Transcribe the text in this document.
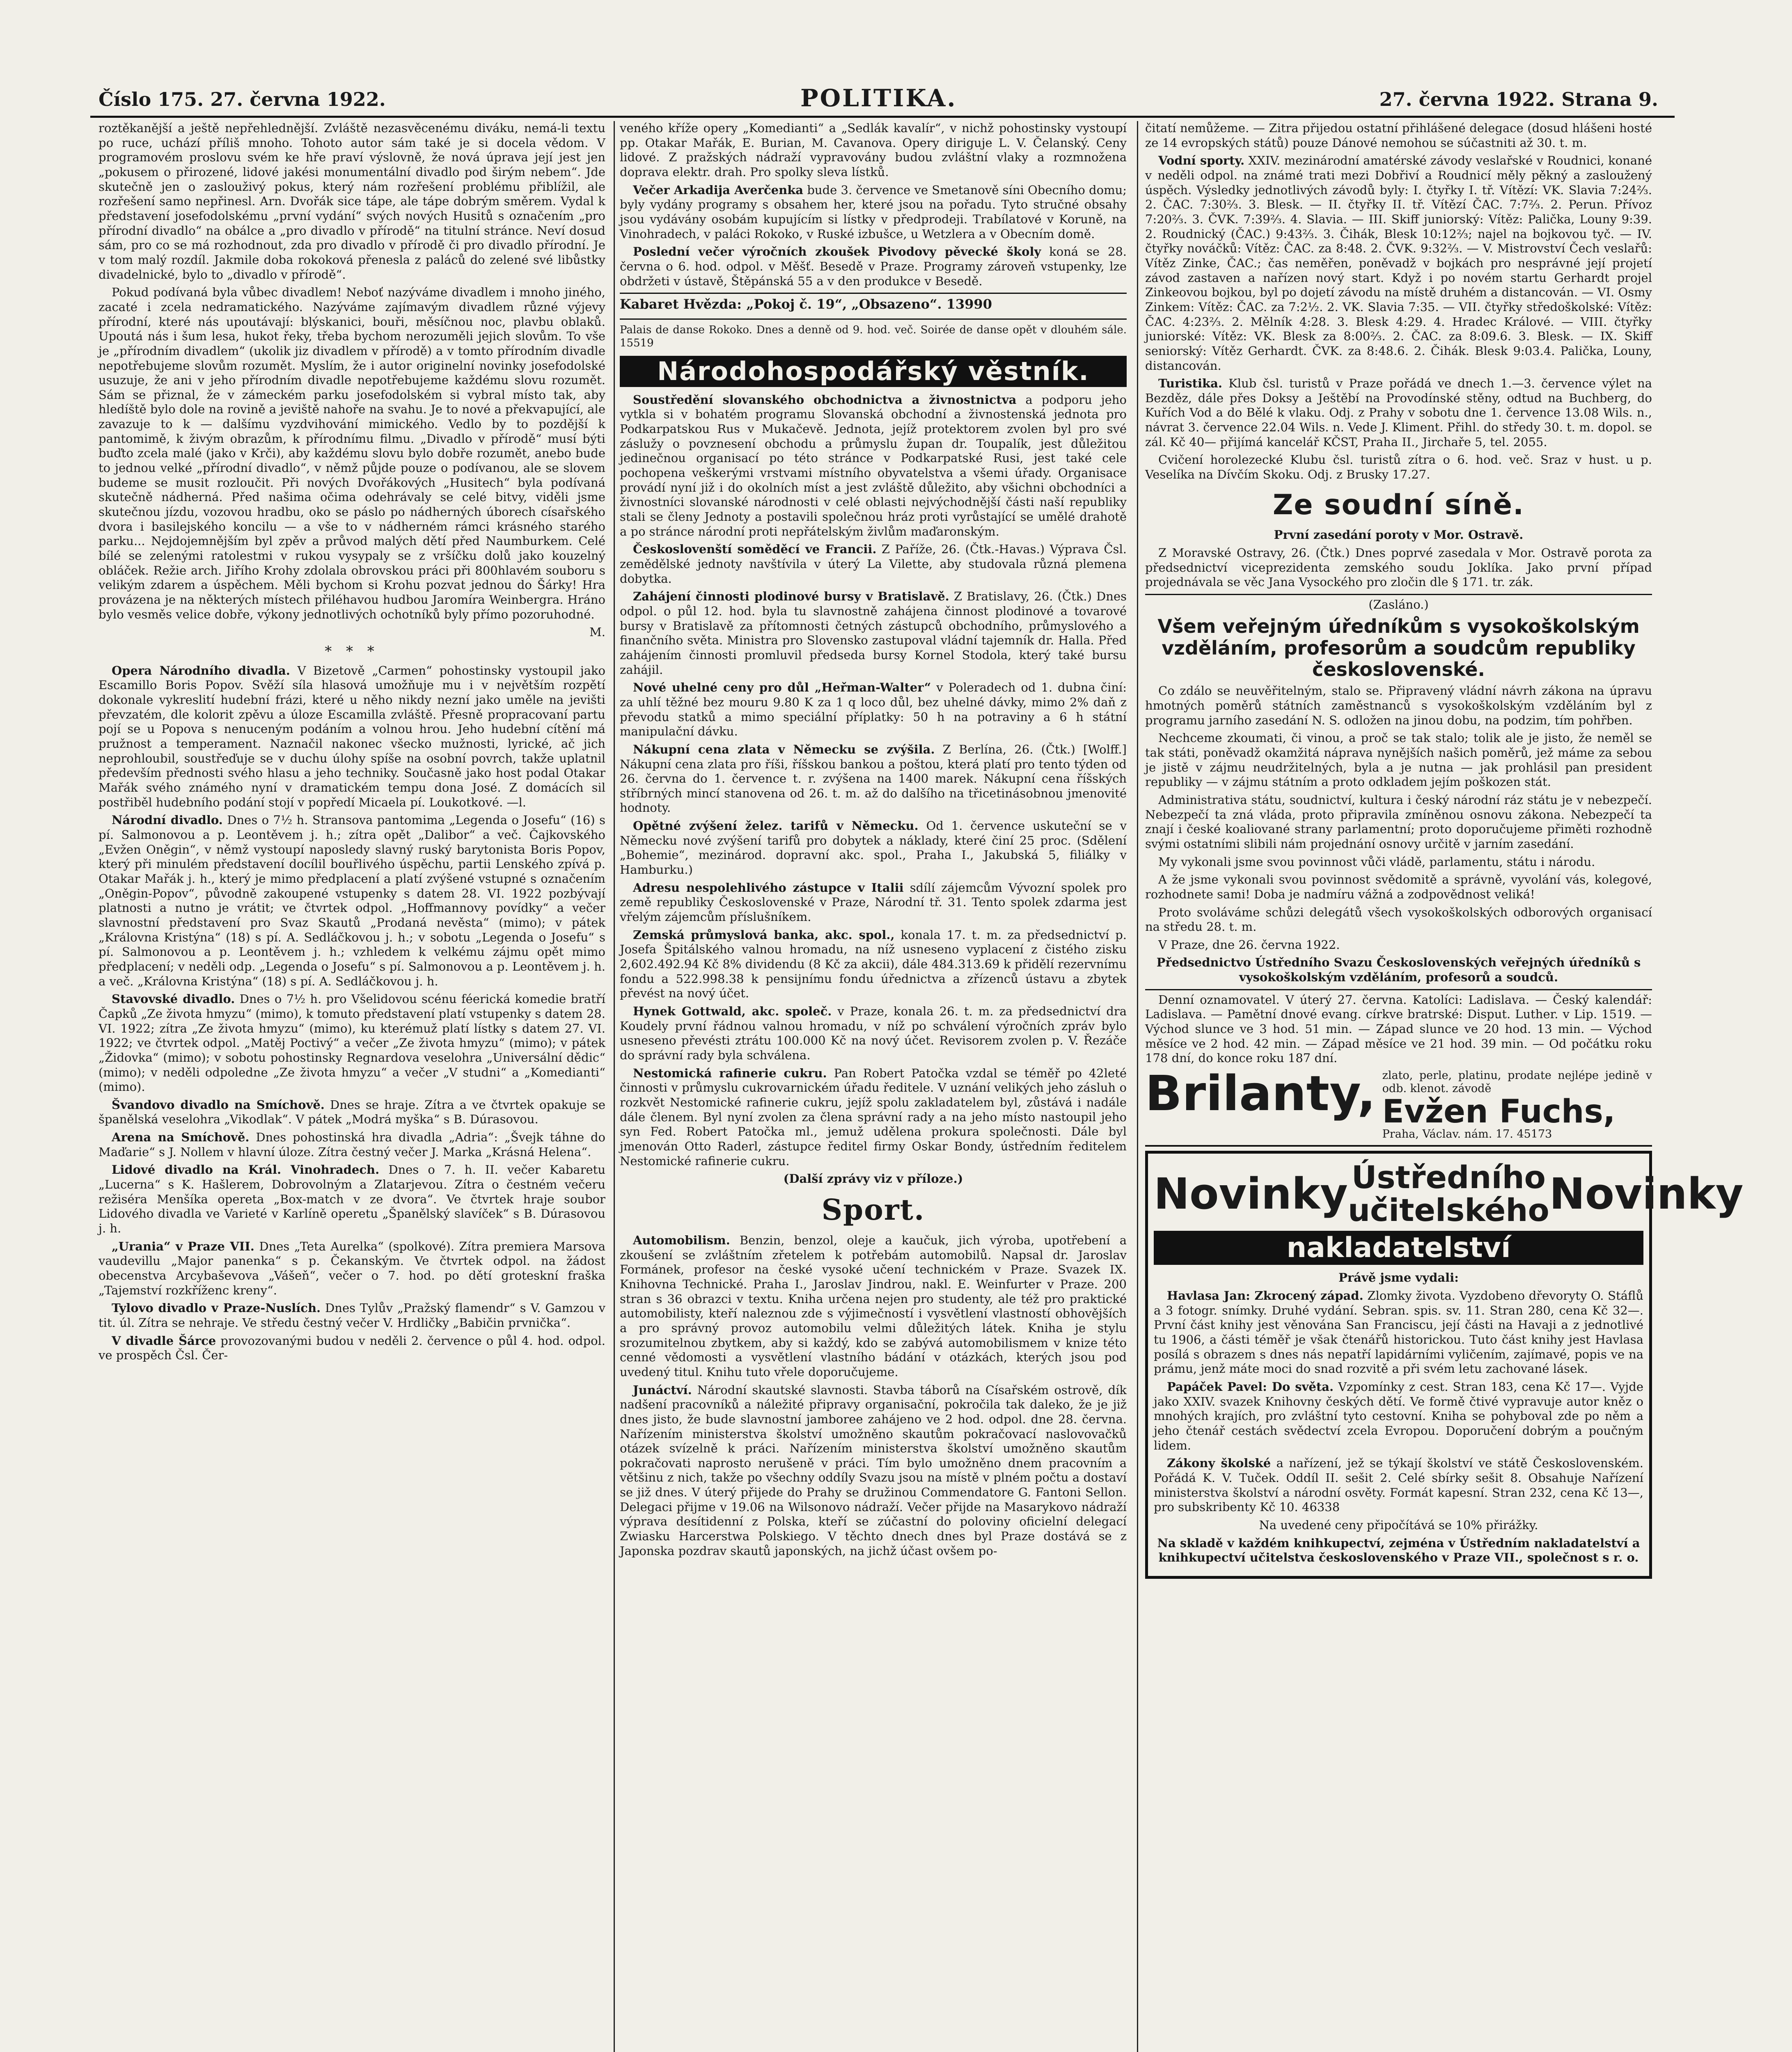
Číslo 175. 27. června 1922.	POLITIKA.	27. června 1922. Strana 9.

roztěkanější a ještě nepřehlednější. Zvláště nezasvěcenému diváku, nemá-li textu po ruce, uchází příliš mnoho. Tohoto autor sám také je si docela vědom. V programovém proslovu svém ke hře praví výslovně, že nová úprava její jest jen „pokusem o přirozené, lidové jakési monumentální divadlo pod širým nebem“. Jde skutečně jen o zaslouživý pokus, který nám rozřešení problému přiblížil, ale rozřešení samo nepřinesl. Arn. Dvořák sice tápe, ale tápe dobrým směrem. Vydal k představení josefodolskému „první vydání“ svých nových Husitů s označením „pro přírodní divadlo“ na obálce a „pro divadlo v přírodě“ na titulní stránce. Neví dosud sám, pro co se má rozhodnout, zda pro divadlo v přírodě či pro divadlo přírodní. Je v tom malý rozdíl. Jakmile doba rokoková přenesla z paláců do zelené své libůstky divadelnické, bylo to „divadlo v přírodě“.

Pokud podívaná byla vůbec divadlem! Neboť nazýváme divadlem i mnoho jiného, zacaté i zcela nedramatického. Nazýváme zajímavým divadlem různé výjevy přírodní, které nás upoutávají: blýskanici, bouři, měsíčnou noc, plavbu oblaků. Upoutá nás i šum lesa, hukot řeky, třeba bychom nerozuměli jejich slovům. To vše je „přírodním divadlem“ (ukolik jiz divadlem v přírodě) a v tomto přírodním divadle nepotřebujeme slovům rozumět. Myslím, že i autor originelní novinky josefodolské usuzuje, že ani v jeho přírodním divadle nepotřebujeme každému slovu rozumět. Sám se přiznal, že v zámeckém parku josefodolském si vybral místo tak, aby hledíště bylo dole na rovině a jeviště nahoře na svahu. Je to nové a překvapující, ale zavazuje to k — dalšímu vyzdvihování mimického. Vedlo by to pozdější k pantomimě, k živým obrazům, k přírodnímu filmu. „Divadlo v přírodě“ musí býti buďto zcela malé (jako v Krči), aby každému slovu bylo dobře rozumět, anebo bude to jednou velké „přírodní divadlo“, v němž půjde pouze o podívanou, ale se slovem budeme se musit rozloučit. Při nových Dvořákových „Husitech“ byla podívaná skutečně nádherná. Před našima očima odehrávaly se celé bitvy, viděli jsme skutečnou jízdu, vozovou hradbu, oko se páslo po nádherných úborech císařského dvora i basilejského koncilu — a vše to v nádherném rámci krásného starého parku... Nejdojemnějším byl zpěv a průvod malých dětí před Naumburkem. Celé bílé se zelenými ratolestmi v rukou vysypaly se z vršíčku dolů jako kouzelný obláček. Režie arch. Jiřího Krohy zdolala obrovskou práci při 800hlavém souboru s velikým zdarem a úspěchem. Měli bychom si Krohu pozvat jednou do Šárky! Hra provázena je na některých místech přiléhavou hudbou Jaromíra Weinbergra. Hráno bylo vesměs velice dobře, výkony jednotlivých ochotníků byly přímo pozoruhodné.

M.

* * *

Opera Národního divadla. V Bizetově „Carmen“ pohostinsky vystoupil jako Escamillo Boris Popov. Svěží síla hlasová umožňuje mu i v největším rozpětí dokonale vykreslití hudební frázi, které u něho nikdy nezní jako uměle na jevišti převzatém, dle kolorit zpěvu a úloze Escamilla zvláště. Přesně propracovaní partu pojí se u Popova s nenuceným podáním a volnou hrou. Jeho hudební cítění má pružnost a temperament. Naznačil nakonec všecko mužnosti, lyrické, ač jich neprohloubil, soustřeďuje se v duchu úlohy spíše na osobní povrch, takže uplatnil především přednosti svého hlasu a jeho techniky. Současně jako host podal Otakar Mařák svého známého nyní v dramatickém tempu dona José. Z domácích sil postřiběl hudebního podání stojí v popředí Micaela pí. Loukotkové. —l.

Národní divadlo. Dnes o 7½ h. Stransova pantomima „Legenda o Josefu“ (16) s pí. Salmonovou a p. Leontěvem j. h.; zítra opět „Dalibor“ a več. Čajkovského „Evžen Oněgin“, v němž vystoupí naposledy slavný ruský barytonista Boris Popov, který při minulém představení docílil bouřlivého úspěchu, partii Lenského zpívá p. Otakar Mařák j. h., který je mimo předplacení a platí zvýšené vstupné s označením „Oněgin-Popov“, původně zakoupené vstupenky s datem 28. VI. 1922 pozbývají platnosti a nutno je vrátit; ve čtvrtek odpol. „Hoffmannovy povídky“ a večer slavnostní představení pro Svaz Skautů „Prodaná nevěsta“ (mimo); v pátek „Královna Kristýna“ (18) s pí. A. Sedláčkovou j. h.; v sobotu „Legenda o Josefu“ s pí. Salmonovou a p. Leontěvem j. h.; vzhledem k velkému zájmu opět mimo předplacení; v neděli odp. „Legenda o Josefu“ s pí. Salmonovou a p. Leontěvem j. h. a več. „Královna Kristýna“ (18) s pí. A. Sedláčkovou j. h.

Stavovské divadlo. Dnes o 7½ h. pro Všelidovou scénu féerická komedie bratří Čapků „Ze života hmyzu“ (mimo), k tomuto představení platí vstupenky s datem 28. VI. 1922; zítra „Ze života hmyzu“ (mimo), ku kterémuž platí lístky s datem 27. VI. 1922; ve čtvrtek odpol. „Matěj Poctivý“ a večer „Ze života hmyzu“ (mimo); v pátek „Židovka“ (mimo); v sobotu pohostinsky Regnardova veselohra „Universální dědic“ (mimo); v neděli odpoledne „Ze života hmyzu“ a večer „V studni“ a „Komedianti“ (mimo).

Švandovo divadlo na Smíchově. Dnes se hraje. Zítra a ve čtvrtek opakuje se španělská veselohra „Vikodlak“. V pátek „Modrá myška“ s B. Dúrasovou.

Arena na Smíchově. Dnes pohostinská hra divadla „Adria“: „Švejk táhne do Maďarie“ s J. Nollem v hlavní úloze. Zítra čestný večer J. Marka „Krásná Helena“.

Lidové divadlo na Král. Vinohradech. Dnes o 7. h. II. večer Kabaretu „Lucerna“ s K. Hašlerem, Dobrovolným a Zlatarjevou. Zítra o čestném večeru režiséra Menšíka opereta „Box-match v ze dvora“. Ve čtvrtek hraje soubor Lidového divadla ve Varieté v Karlíně operetu „Španělský slavíček“ s B. Dúrasovou j. h.

„Urania“ v Praze VII. Dnes „Teta Aurelka“ (spolkové). Zítra premiera Marsova vaudevillu „Major panenka“ s p. Čekanským. Ve čtvrtek odpol. na žádost obecenstva Arcybaševova „Vášeň“, večer o 7. hod. po dětí groteskní fraška „Tajemství rozkříženc kreny“.

Tylovo divadlo v Praze-Nuslích. Dnes Tylův „Pražský flamendr“ s V. Gamzou v tit. úl. Zítra se nehraje. Ve středu čestný večer V. Hrdličky „Babičin prvnička“.

V divadle Šárce provozovanými budou v neděli 2. července o půl 4. hod. odpol. ve prospěch Čsl. Čer-

veného kříže opery „Komedianti“ a „Sedlák kavalír“, v nichž pohostinsky vystoupí pp. Otakar Mařák, E. Burian, M. Cavanova. Opery diriguje L. V. Čelanský. Ceny lidové. Z pražských nádraží vypravovány budou zvláštní vlaky a rozmnožena doprava elektr. drah. Pro spolky sleva lístků.

Večer Arkadija Averčenka bude 3. července ve Smetanově síni Obecního domu; byly vydány programy s obsahem her, které jsou na pořadu. Tyto stručné obsahy jsou vydávány osobám kupujícím si lístky v předprodeji. Trabílatové v Koruně, na Vinohradech, v paláci Rokoko, v Ruské izbušce, u Wetzlera a v Obecním domě.

Poslední večer výročních zkoušek Pivodovy pěvecké školy koná se 28. června o 6. hod. odpol. v Měšť. Besedě v Praze. Programy zároveň vstupenky, lze obdržeti v ústavě, Štěpánská 55 a v den produkce v Besedě.

Kabaret Hvězda: „Pokoj č. 19“, „Obsazeno“. 13990

Palais de danse Rokoko. Dnes a denně od 9. hod. več. Soirée de danse opět v dlouhém sále. 15519

Národohospodářský věstník.

Soustředění slovanského obchodnictva a živnostnictva a podporu jeho vytkla si v bohatém programu Slovanská obchodní a živnostenská jednota pro Podkarpatskou Rus v Mukačevě. Jednota, jejíž protektorem zvolen byl pro své záslužy o povznesení obchodu a průmyslu župan dr. Toupalík, jest důležitou jedinečnou organisací po této stránce v Podkarpatské Rusi, jest také cele pochopena veškerými vrstvami místního obyvatelstva a všemi úřady. Organisace provádí nyní již i do okolních míst a jest zvláště důležito, aby všichni obchodníci a živnostníci slovanské národnosti v celé oblasti nejvýchodnější části naší republiky stali se členy Jednoty a postavili společnou hráz proti vyrůstající se umělé drahotě a po stránce národní proti nepřátelským živlům maďaronským.

Českoslovenští soměděcí ve Francii. Z Paříže, 26. (Čtk.-Havas.) Výprava Čsl. zemědělské jednoty navštívila v úterý La Vilette, aby studovala různá plemena dobytka.

Zahájení činnosti plodinové bursy v Bratislavě. Z Bratislavy, 26. (Čtk.) Dnes odpol. o půl 12. hod. byla tu slavnostně zahájena činnost plodinové a tovarové bursy v Bratislavě za přítomnosti četných zástupců obchodního, průmyslového a finančního světa. Ministra pro Slovensko zastupoval vládní tajemník dr. Halla. Před zahájením činnosti promluvil předseda bursy Kornel Stodola, který také bursu zahájil.

Nové uhelné ceny pro důl „Heřman-Walter“ v Poleradech od 1. dubna činí: za uhlí těžné bez mouru 9.80 K za 1 q loco důl, bez uhelné dávky, mimo 2% daň z převodu statků a mimo speciální příplatky: 50 h na potraviny a 6 h státní manipulační dávku.

Nákupní cena zlata v Německu se zvýšila. Z Berlína, 26. (Čtk.) [Wolff.] Nákupní cena zlata pro říši, říšskou bankou a poštou, která platí pro tento týden od 26. června do 1. července t. r. zvýšena na 1400 marek. Nákupní cena říšských stříbrných mincí stanovena od 26. t. m. až do dalšího na třicetinásobnou jmenovité hodnoty.

Opětné zvýšení želez. tarifů v Německu. Od 1. července uskuteční se v Německu nové zvýšení tarifů pro dobytek a náklady, které činí 25 proc. (Sdělení „Bohemie“, mezinárod. dopravní akc. spol., Praha I., Jakubská 5, filiálky v Hamburku.)

Adresu nespolehlivého zástupce v Italii sdílí zájemcům Vývozní spolek pro země republiky Československé v Praze, Národní tř. 31. Tento spolek zdarma jest vřelým zájemcům příslušníkem.

Zemská průmyslová banka, akc. spol., konala 17. t. m. za předsednictví p. Josefa Špitálského valnou hromadu, na níž usneseno vyplacení z čistého zisku 2,602.492.94 Kč 8% dividendu (8 Kč za akcii), dále 484.313.69 k přidělí rezervnímu fondu a 522.998.38 k pensijnímu fondu úřednictva a zřízenců ústavu a zbytek převést na nový účet.

Hynek Gottwald, akc. společ. v Praze, konala 26. t. m. za předsednictví dra Koudely první řádnou valnou hromadu, v níž po schválení výročních zpráv bylo usneseno převésti ztrátu 100.000 Kč na nový účet. Revisorem zvolen p. V. Řezáče do správní rady byla schválena.

Nestomická rafinerie cukru. Pan Robert Patočka vzdal se téměř po 42leté činnosti v průmyslu cukrovarnickém úřadu ředitele. V uznání velikých jeho zásluh o rozkvět Nestomické rafinerie cukru, jejíž spolu zakladatelem byl, zůstává i nadále dále členem. Byl nyní zvolen za člena správní rady a na jeho místo nastoupil jeho syn Fed. Robert Patočka ml., jemuž udělena prokura společnosti. Dále byl jmenován Otto Raderl, zástupce ředitel firmy Oskar Bondy, ústředním ředitelem Nestomické rafinerie cukru.

(Další zprávy viz v příloze.)

Sport.

Automobilism. Benzin, benzol, oleje a kaučuk, jich výroba, upotřebení a zkoušení se zvláštním zřetelem k potřebám automobilů. Napsal dr. Jaroslav Formánek, profesor na české vysoké učení technickém v Praze. Svazek IX. Knihovna Technické. Praha I., Jaroslav Jindrou, nakl. E. Weinfurter v Praze. 200 stran s 36 obrazci v textu. Kniha určena nejen pro studenty, ale též pro praktické automobilisty, kteří naleznou zde s výjimečností i vysvětlení vlastností obhovějších a pro správný provoz automobilu velmi důležitých látek. Kniha je stylu srozumitelnou zbytkem, aby si každý, kdo se zabývá automobilismem v knize této cenné vědomosti a vysvětlení vlastního bádání v otázkách, kterých jsou pod uvedený titul. Knihu tuto vřele doporučujeme.

Junáctví. Národní skautské slavnosti. Stavba táborů na Císařském ostrově, dík nadšení pracovníků a náležité připravy organisační, pokročila tak daleko, že je již dnes jisto, že bude slavnostní jamboree zahájeno ve 2 hod. odpol. dne 28. června. Nařízením ministerstva školství umožněno skautům pokračovací naslovovačků otázek svízelně k práci. Nařízením ministerstva školství umožněno skautům pokračovati naprosto nerušeně v práci. Tím bylo umožněno dnem pracovním a většinu z nich, takže po všechny oddíly Svazu jsou na místě v plném počtu a dostaví se již dnes. V úterý přijede do Prahy se družinou Commendatore G. Fantoni Sellon. Delegaci přijme v 19.06 na Wilsonovo nádraží. Večer přijde na Masarykovo nádraží výprava desítidenní z Polska, kteří se zúčastní do poloviny oficielní delegací Zwiasku Harcerstwa Polskiego. V těchto dnech dnes byl Praze dostává se z Japonska pozdrav skautů japonských, na jichž účast ovšem po-

čitatí nemůžeme. — Zitra přijedou ostatní přihlášené delegace (dosud hlášeni hosté ze 14 evropských států) pouze Dánové nemohou se súčastniti až 30. t. m.

Vodní sporty. XXIV. mezinárodní amatérské závody veslařské v Roudnici, konané v neděli odpol. na známé trati mezi Dobřiví a Roudnicí měly pěkný a zasloužený úspěch. Výsledky jednotlivých závodů byly: I. čtyřky I. tř. Vítězí: VK. Slavia 7:24²⁄₃. 2. ČAC. 7:30²⁄₃. 3. Blesk. — II. čtyřky II. tř. Vítězí ČAC. 7:7²⁄₃. 2. Perun. Přívoz 7:20²⁄₃. 3. ČVK. 7:39²⁄₃. 4. Slavia. — III. Skiff juniorský: Vítěz: Palička, Louny 9:39. 2. Roudnický (ČAC.) 9:43²⁄₃. 3. Čihák, Blesk 10:12²⁄₃; najel na bojkovou tyč. — IV. čtyřky nováčků: Vítěz: ČAC. za 8:48. 2. ČVK. 9:32²⁄₃. — V. Mistrovství Čech veslařů: Vítěz Zinke, ČAC.; čas neměřen, poněvadž v bojkách pro nesprávné její projetí závod zastaven a nařízen nový start. Když i po novém startu Gerhardt projel Zinkeovou bojkou, byl po dojetí závodu na místě druhém a distancován. — VI. Osmy Zinkem: Vítěz: ČAC. za 7:2½. 2. VK. Slavia 7:35. — VII. čtyřky středoškolské: Vítěz: ČAC. 4:23²⁄₃. 2. Mělník 4:28. 3. Blesk 4:29. 4. Hradec Králové. — VIII. čtyřky juniorské: Vítěz: VK. Blesk za 8:00²⁄₃. 2. ČAC. za 8:09.6. 3. Blesk. — IX. Skiff seniorský: Vítěz Gerhardt. ČVK. za 8:48.6. 2. Čihák. Blesk 9:03.4. Palička, Louny, distancován.

Turistika. Klub čsl. turistů v Praze pořádá ve dnech 1.—3. července výlet na Bezděz, dále přes Doksy a Ještěbí na Provodínské stěny, odtud na Buchberg, do Kuřích Vod a do Bělé k vlaku. Odj. z Prahy v sobotu dne 1. července 13.08 Wils. n., návrat 3. července 22.04 Wils. n. Vede J. Kliment. Přihl. do středy 30. t. m. dopol. se zál. Kč 40— přijímá kancelář KČST, Praha II., Jirchaře 5, tel. 2055.

Cvičení horolezecké Klubu čsl. turistů zítra o 6. hod. več. Sraz v hust. u p. Veselíka na Dívčím Skoku. Odj. z Brusky 17.27.

Ze soudní síně.

První zasedání poroty v Mor. Ostravě.

Z Moravské Ostravy, 26. (Čtk.) Dnes poprvé zasedala v Mor. Ostravě porota za předsednictví viceprezidenta zemského soudu Joklíka. Jako první případ projednávala se věc Jana Vysockého pro zločin dle § 171. tr. zák.

(Zasláno.)

Všem veřejným úředníkům s vysokoškolským vzděláním, profesorům a soudcům republiky československé.

Co zdálo se neuvěřitelným, stalo se. Připravený vládní návrh zákona na úpravu hmotných poměrů státních zaměstnanců s vysokoškolským vzděláním byl z programu jarního zasedání N. S. odložen na jinou dobu, na podzim, tím pohřben.

Nechceme zkoumati, či vinou, a proč se tak stalo; tolik ale je jisto, že neměl se tak státi, poněvadž okamžitá náprava nynějších našich poměrů, jež máme za sebou je jistě v zájmu neudržitelných, byla a je nutna — jak prohlásil pan president republiky — v zájmu státním a proto odkladem jejím poškozen stát.

Administrativa státu, soudnictví, kultura i český národní ráz státu je v nebezpečí. Nebezpečí ta zná vláda, proto připravila zmíněnou osnovu zákona. Nebezpečí ta znají i české koaliované strany parlamentní; proto doporučujeme přiměti rozhodně svými ostatními slibili nám projednání osnovy určitě v jarním zasedání.

My vykonali jsme svou povinnost vůči vládě, parlamentu, státu i národu.

A že jsme vykonali svou povinnost svědomitě a správně, vyvolání vás, kolegové, rozhodnete sami! Doba je nadmíru vážná a zodpovědnost veliká!

Proto svoláváme schůzi delegátů všech vysokoškolských odborových organisací na středu 28. t. m.

V Praze, dne 26. června 1922.

Předsednictvo Ústředního Svazu Československých veřejných úředníků s vysokoškolským vzděláním, profesorů a soudců.

Denní oznamovatel. V úterý 27. června. Katolíci: Ladislava. — Český kalendář: Ladislava. — Pamětní dnové evang. církve bratrské: Disput. Luther. v Lip. 1519. — Východ slunce ve 3 hod. 51 min. — Západ slunce ve 20 hod. 13 min. — Východ měsíce ve 2 hod. 42 min. — Západ měsíce ve 21 hod. 39 min. — Od počátku roku 178 dní, do konce roku 187 dní.

Brilanty, zlato, perle, platinu, prodate nejlépe jedině v odb. klenot. závodě
Evžen Fuchs,
Praha, Václav. nám. 17. 45173
Novinky Ústředního
učitelského Novinky
nakladatelství

Právě jsme vydali:

Havlasa Jan: Zkrocený západ. Zlomky života. Vyzdobeno dřevoryty O. Stáflů a 3 fotogr. snímky. Druhé vydání. Sebran. spis. sv. 11. Stran 280, cena Kč 32—. První část knihy jest věnována San Franciscu, její části na Havaji a z jednotlivé tu 1906, a části téměř je však čtenářů historickou. Tuto část knihy jest Havlasa posílá s obrazem s dnes nás nepatří lapidárními vyličením, zajímavé, popis ve na prámu, jenž máte moci do snad rozvitě a při svém letu zachované lásek.

Papáček Pavel: Do světa. Vzpomínky z cest. Stran 183, cena Kč 17—. Vyjde jako XXIV. svazek Knihovny českých dětí. Ve formě čtivé vypravuje autor kněz o mnohých krajích, pro zvláštní tyto cestovní. Kniha se pohyboval zde po něm a jeho čtenář cestách svědectví zcela Evropou. Doporučení dobrým a poučným lidem.

Zákony školské a nařízení, jež se týkají školství ve státě Československém. Pořádá K. V. Tuček. Oddíl II. sešit 2. Celé sbírky sešit 8. Obsahuje Nařízení ministerstva školství a národní osvěty. Formát kapesní. Stran 232, cena Kč 13—, pro subskribenty Kč 10. 46338

Na uvedené ceny připočítává se 10% přirážky.

Na skladě v každém knihkupectví, zejména v Ústředním nakladatelství a knihkupectví učitelstva československého v Praze VII., společnost s r. o.
